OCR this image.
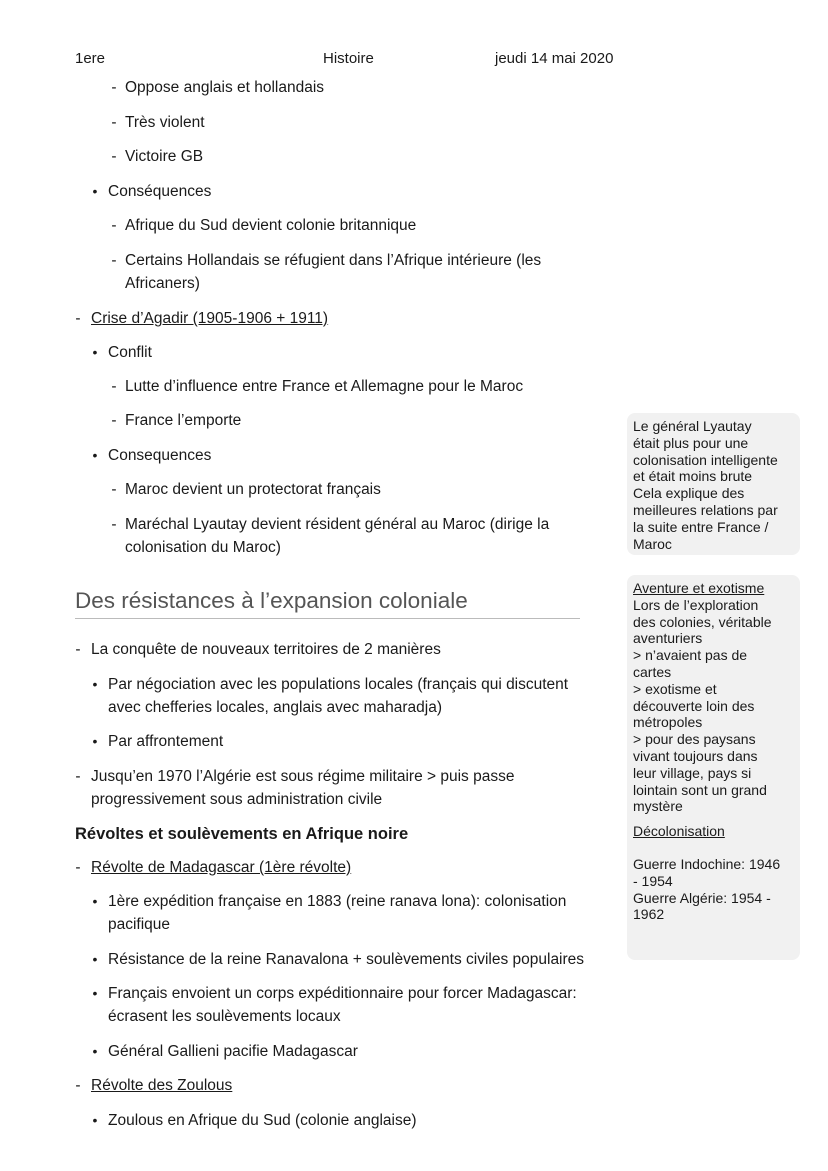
1ere	Histoire	jeudi 14 mai 2020
- Oppose anglais et hollandais
- Très violent
- Victoire GB
• Conséquences
- Afrique du Sud devient colonie britannique
- Certains Hollandais se réfugient dans l’Afrique intérieure (les
Africaners)
- Crise d’Agadir (1905-1906 + 1911)
• Conflit
- Lutte d’influence entre France et Allemagne pour le Maroc
- France l’emporte
• Consequences
- Maroc devient un protectorat français
- Maréchal Lyautay devient résident général au Maroc (dirige la
colonisation du Maroc)
Des résistances à l’expansion coloniale
- La conquête de nouveaux territoires de 2 manières
• Par négociation avec les populations locales (français qui discutent
avec chefferies locales, anglais avec maharadja)
• Par affrontement
- Jusqu’en 1970 l’Algérie est sous régime militaire > puis passe
progressivement sous administration civile
Révoltes et soulèvements en Afrique noire
- Révolte de Madagascar (1ère révolte)
• 1ère expédition française en 1883 (reine ranava lona): colonisation
pacifique
• Résistance de la reine Ranavalona + soulèvements civiles populaires
• Français envoient un corps expéditionnaire pour forcer Madagascar:
écrasent les soulèvements locaux
• Général Gallieni pacifie Madagascar
- Révolte des Zoulous
• Zoulous en Afrique du Sud (colonie anglaise)

Le général Lyautay

était plus pour une

colonisation intelligente

et était moins brute

Cela explique des

meilleures relations par

la suite entre France /

Maroc

Aventure et exotisme

Lors de l’exploration

des colonies, véritable

aventuriers

> n’avaient pas de

cartes

> exotisme et

découverte loin des

métropoles

> pour des paysans

vivant toujours dans

leur village, pays si

lointain sont un grand

mystère

Décolonisation

Guerre Indochine: 1946

- 1954

Guerre Algérie: 1954 -

1962
